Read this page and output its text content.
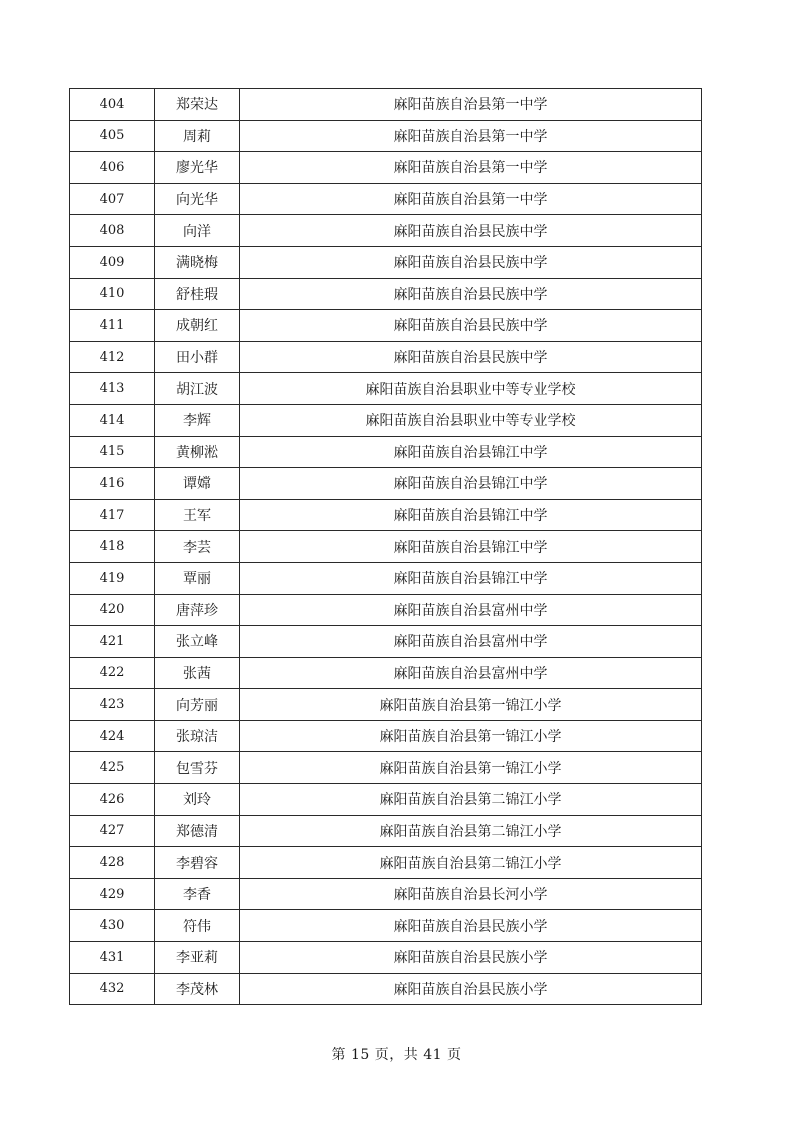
404	郑荣达	麻阳苗族自治县第一中学
405	周莉	麻阳苗族自治县第一中学
406	廖光华	麻阳苗族自治县第一中学
407	向光华	麻阳苗族自治县第一中学
408	向洋	麻阳苗族自治县民族中学
409	满晓梅	麻阳苗族自治县民族中学
410	舒桂瑕	麻阳苗族自治县民族中学
411	成朝红	麻阳苗族自治县民族中学
412	田小群	麻阳苗族自治县民族中学
413	胡江波	麻阳苗族自治县职业中等专业学校
414	李辉	麻阳苗族自治县职业中等专业学校
415	黄柳淞	麻阳苗族自治县锦江中学
416	谭嫦	麻阳苗族自治县锦江中学
417	王军	麻阳苗族自治县锦江中学
418	李芸	麻阳苗族自治县锦江中学
419	覃丽	麻阳苗族自治县锦江中学
420	唐萍珍	麻阳苗族自治县富州中学
421	张立峰	麻阳苗族自治县富州中学
422	张茜	麻阳苗族自治县富州中学
423	向芳丽	麻阳苗族自治县第一锦江小学
424	张琼洁	麻阳苗族自治县第一锦江小学
425	包雪芬	麻阳苗族自治县第一锦江小学
426	刘玲	麻阳苗族自治县第二锦江小学
427	郑德清	麻阳苗族自治县第二锦江小学
428	李碧容	麻阳苗族自治县第二锦江小学
429	李香	麻阳苗族自治县长河小学
430	符伟	麻阳苗族自治县民族小学
431	李亚莉	麻阳苗族自治县民族小学
432	李茂林	麻阳苗族自治县民族小学
第 15 页，共 41 页
